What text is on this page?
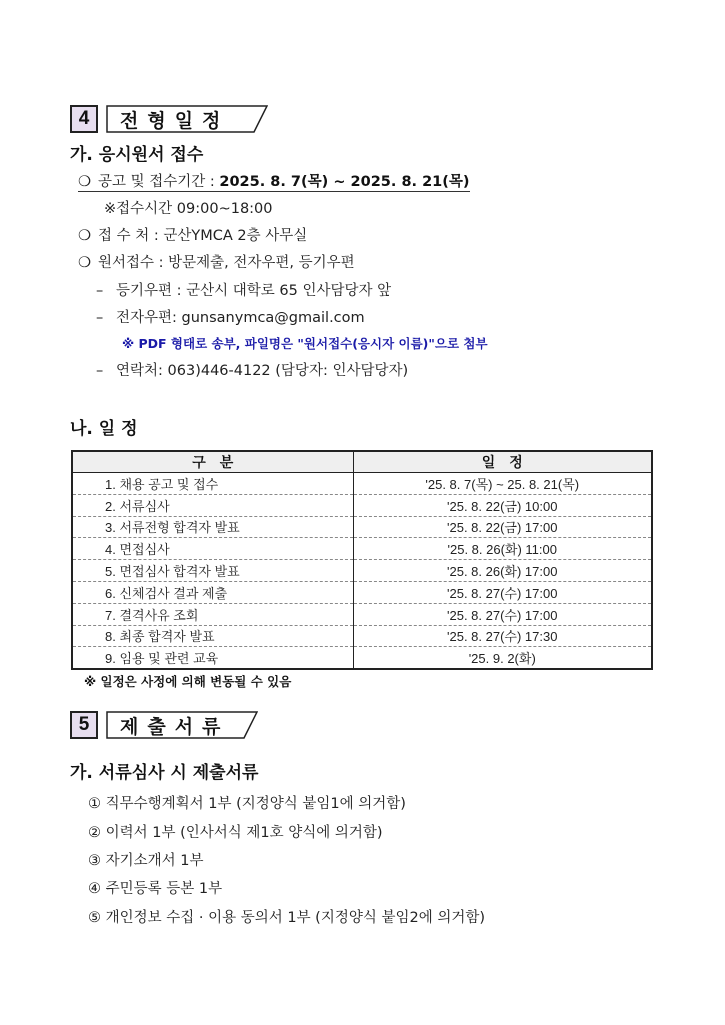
4	전형일정
가. 응시원서 접수
❍ 공고 및 접수기간 : 2025. 8. 7(목) ~ 2025. 8. 21(목)
※접수시간 09:00~18:00
❍ 접 수 처 : 군산YMCA 2층 사무실
❍ 원서접수 : 방문제출, 전자우편, 등기우편
– 등기우편 : 군산시 대학로 65 인사담당자 앞
– 전자우편: gunsanymca@gmail.com
※ PDF 형태로 송부, 파일명은 "원서접수(응시자 이름)"으로 첨부
– 연락처: 063)446-4122 (담당자: 인사담당자)
나. 일 정
구분	일정
1. 채용 공고 및 접수	'25. 8. 7(목) ~ 25. 8. 21(목)
2. 서류심사	'25. 8. 22(금) 10:00
3. 서류전형 합격자 발표	'25. 8. 22(금) 17:00
4. 면접심사	'25. 8. 26(화) 11:00
5. 면접심사 합격자 발표	'25. 8. 26(화) 17:00
6. 신체검사 결과 제출	'25. 8. 27(수) 17:00
7. 결격사유 조회	'25. 8. 27(수) 17:00
8. 최종 합격자 발표	'25. 8. 27(수) 17:30
9. 임용 및 관련 교육	'25. 9. 2(화)
※ 일정은 사정에 의해 변동될 수 있음
5	제출서류
가. 서류심사 시 제출서류
① 직무수행계획서 1부 (지정양식 붙임1에 의거함)
② 이력서 1부 (인사서식 제1호 양식에 의거함)
③ 자기소개서 1부
④ 주민등록 등본 1부
⑤ 개인정보 수집 · 이용 동의서 1부 (지정양식 붙임2에 의거함)
